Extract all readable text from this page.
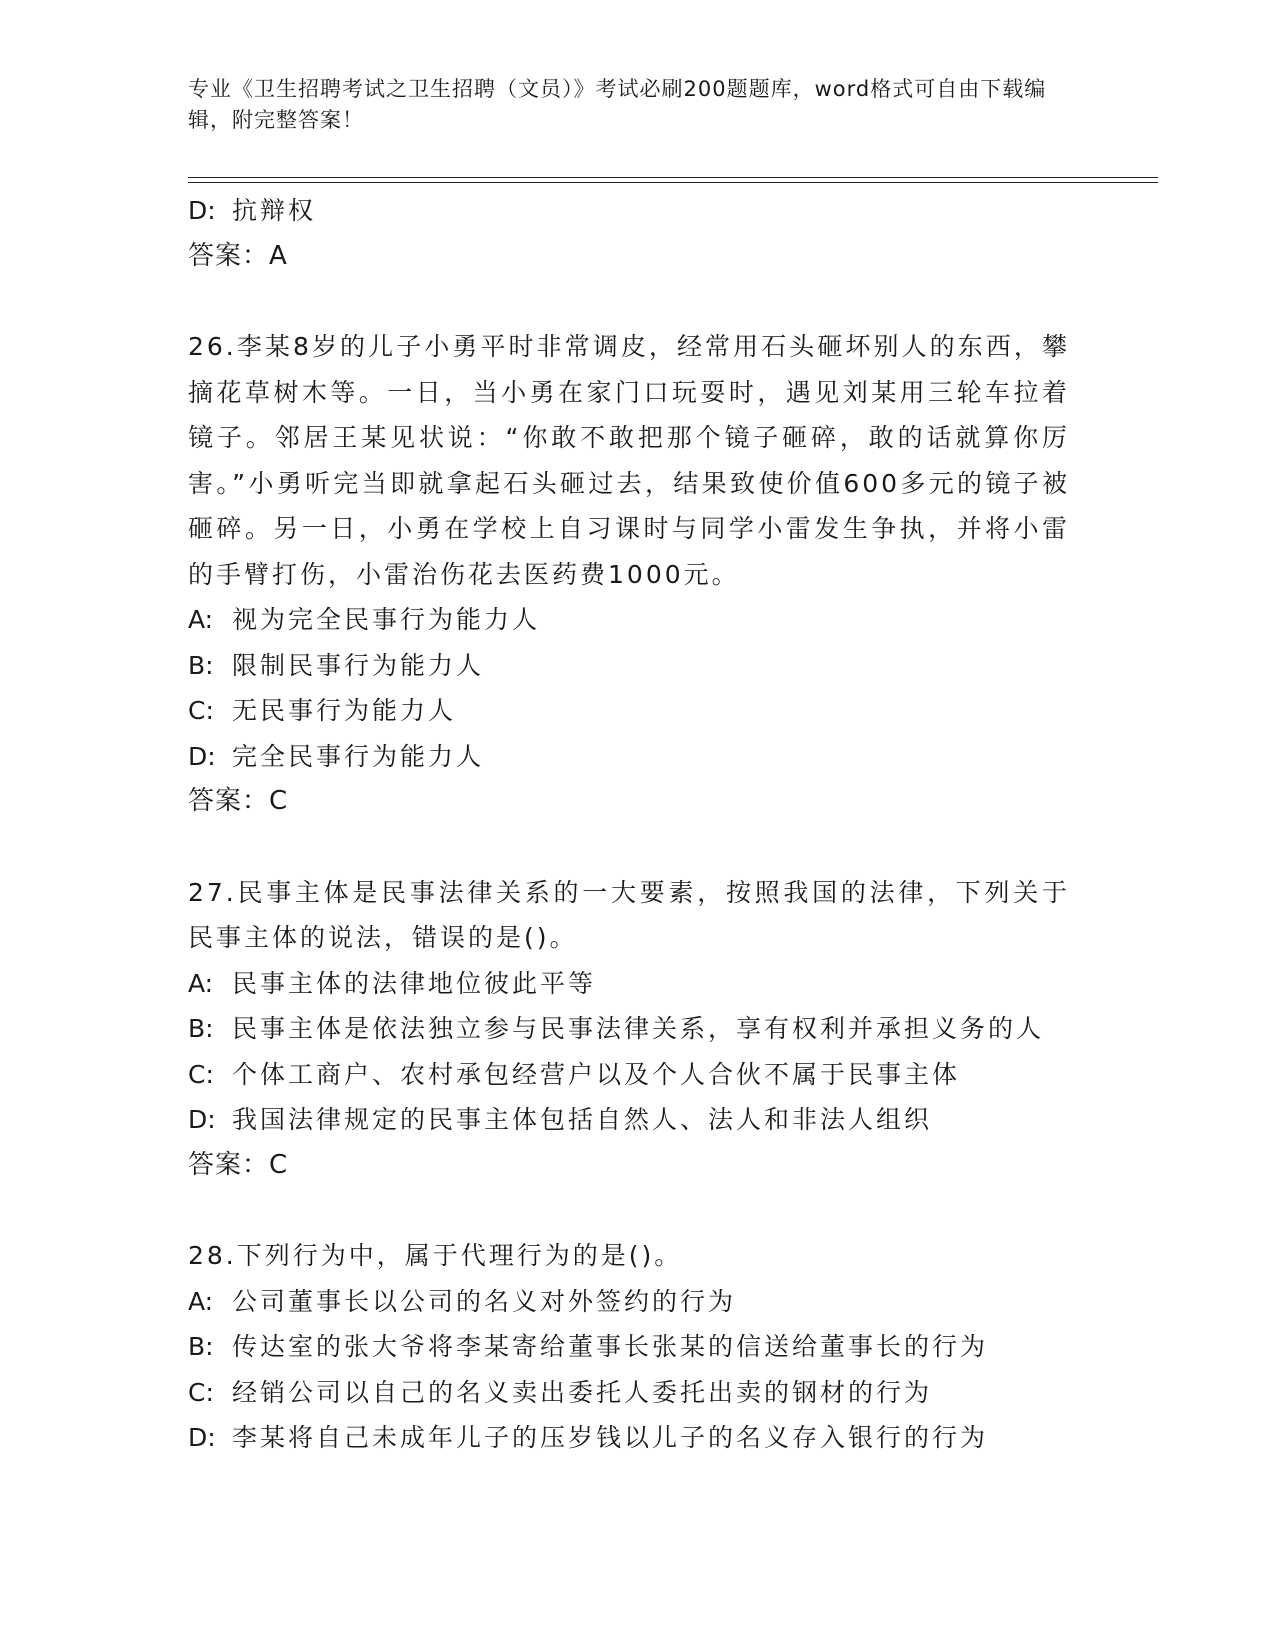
专业《卫生招聘考试之卫生招聘（文员）》考试必刷200题题库，word格式可自由下载编辑，附完整答案！
D: 抗辩权
答案：A
26.李某8岁的儿子小勇平时非常调皮，经常用石头砸坏别人的东西，攀摘花草树木等。一日，当小勇在家门口玩耍时，遇见刘某用三轮车拉着镜子。邻居王某见状说：“你敢不敢把那个镜子砸碎，敢的话就算你厉害。”小勇听完当即就拿起石头砸过去，结果致使价值600多元的镜子被砸碎。另一日，小勇在学校上自习课时与同学小雷发生争执，并将小雷的手臂打伤，小雷治伤花去医药费1000元。
A: 视为完全民事行为能力人
B: 限制民事行为能力人
C: 无民事行为能力人
D: 完全民事行为能力人
答案：C
27.民事主体是民事法律关系的一大要素，按照我国的法律，下列关于民事主体的说法，错误的是()。
A: 民事主体的法律地位彼此平等
B: 民事主体是依法独立参与民事法律关系，享有权利并承担义务的人
C: 个体工商户、农村承包经营户以及个人合伙不属于民事主体
D: 我国法律规定的民事主体包括自然人、法人和非法人组织
答案：C
28.下列行为中，属于代理行为的是()。
A: 公司董事长以公司的名义对外签约的行为
B: 传达室的张大爷将李某寄给董事长张某的信送给董事长的行为
C: 经销公司以自己的名义卖出委托人委托出卖的钢材的行为
D: 李某将自己未成年儿子的压岁钱以儿子的名义存入银行的行为
